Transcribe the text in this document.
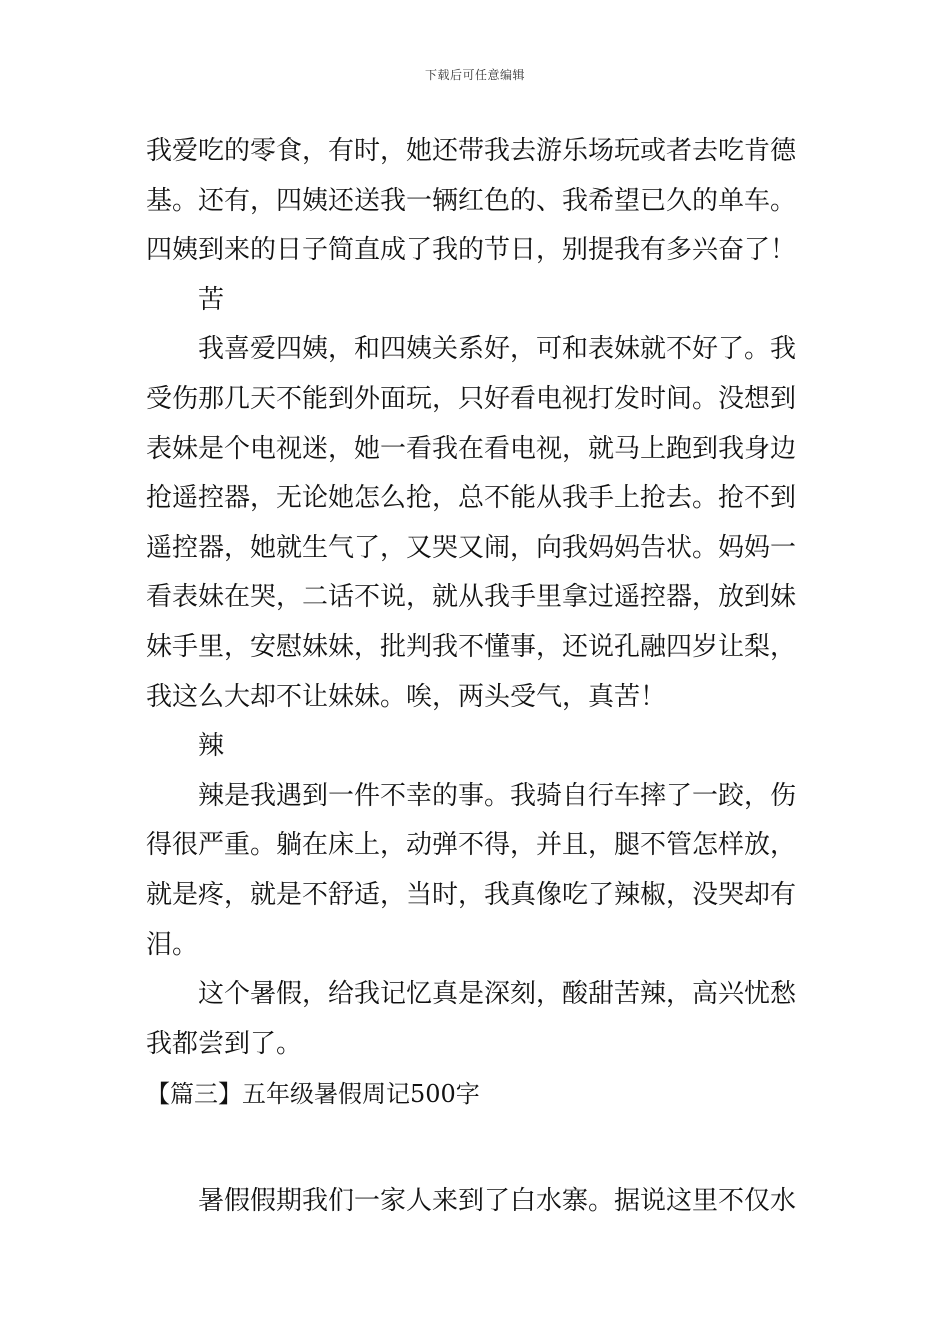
下载后可任意编辑
我爱吃的零食，有时，她还带我去游乐场玩或者去吃肯德
基。还有，四姨还送我一辆红色的、我希望已久的单车。
四姨到来的日子简直成了我的节日，别提我有多兴奋了！
苦
我喜爱四姨，和四姨关系好，可和表妹就不好了。我
受伤那几天不能到外面玩，只好看电视打发时间。没想到
表妹是个电视迷，她一看我在看电视，就马上跑到我身边
抢遥控器，无论她怎么抢，总不能从我手上抢去。抢不到
遥控器，她就生气了，又哭又闹，向我妈妈告状。妈妈一
看表妹在哭，二话不说，就从我手里拿过遥控器，放到妹
妹手里，安慰妹妹，批判我不懂事，还说孔融四岁让梨，
我这么大却不让妹妹。唉，两头受气，真苦！
辣
辣是我遇到一件不幸的事。我骑自行车摔了一跤，伤
得很严重。躺在床上，动弹不得，并且，腿不管怎样放，
就是疼，就是不舒适，当时，我真像吃了辣椒，没哭却有
泪。
这个暑假，给我记忆真是深刻，酸甜苦辣，高兴忧愁
我都尝到了。
【篇三】五年级暑假周记500字
暑假假期我们一家人来到了白水寨。据说这里不仅水
